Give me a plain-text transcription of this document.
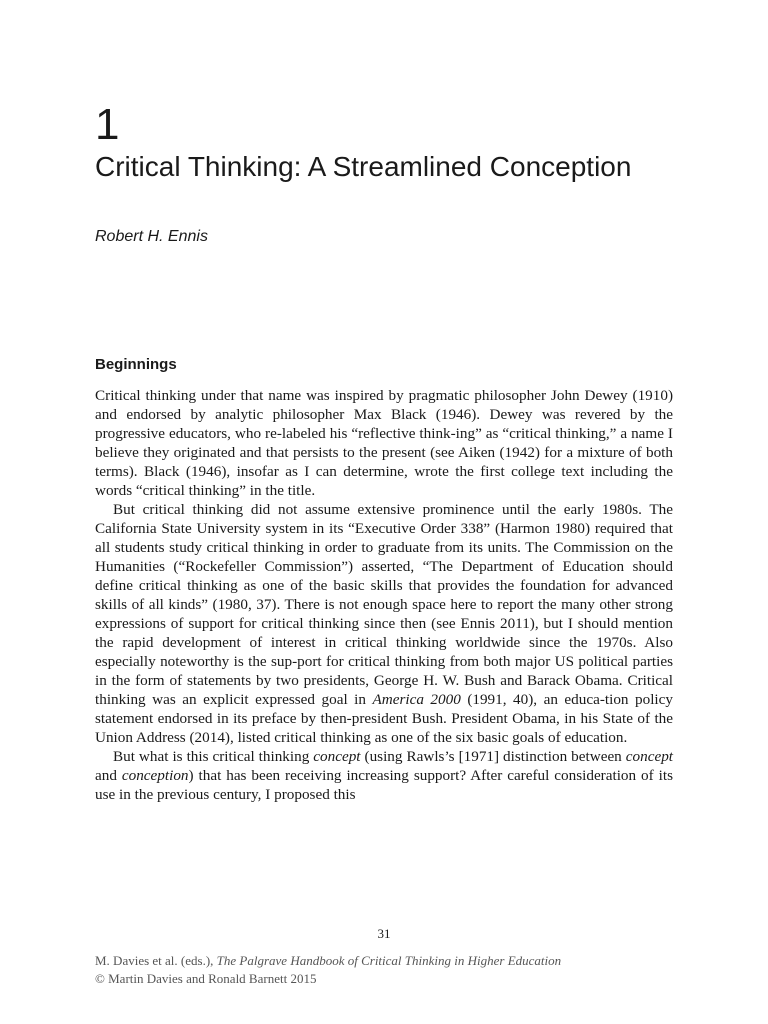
1
Critical Thinking: A Streamlined Conception
Robert H. Ennis
Beginnings

Critical thinking under that name was inspired by pragmatic philosopher John Dewey (1910) and endorsed by analytic philosopher Max Black (1946). Dewey was revered by the progressive educators, who re-labeled his “reflective think-ing” as “critical thinking,” a name I believe they originated and that persists to the present (see Aiken (1942) for a mixture of both terms). Black (1946), insofar as I can determine, wrote the first college text including the words “critical thinking” in the title.

But critical thinking did not assume extensive prominence until the early 1980s. The California State University system in its “Executive Order 338” (Harmon 1980) required that all students study critical thinking in order to graduate from its units. The Commission on the Humanities (“Rockefeller Commission”) asserted, “The Department of Education should define critical thinking as one of the basic skills that provides the foundation for advanced skills of all kinds” (1980, 37). There is not enough space here to report the many other strong expressions of support for critical thinking since then (see Ennis 2011), but I should mention the rapid development of interest in critical thinking worldwide since the 1970s. Also especially noteworthy is the sup-port for critical thinking from both major US political parties in the form of statements by two presidents, George H. W. Bush and Barack Obama. Critical thinking was an explicit expressed goal in America 2000 (1991, 40), an educa-tion policy statement endorsed in its preface by then-president Bush. President Obama, in his State of the Union Address (2014), listed critical thinking as one of the six basic goals of education.

But what is this critical thinking concept (using Rawls’s [1971] distinction between concept and conception) that has been receiving increasing support? After careful consideration of its use in the previous century, I proposed this

31
M. Davies et al. (eds.), The Palgrave Handbook of Critical Thinking in Higher Education
© Martin Davies and Ronald Barnett 2015
